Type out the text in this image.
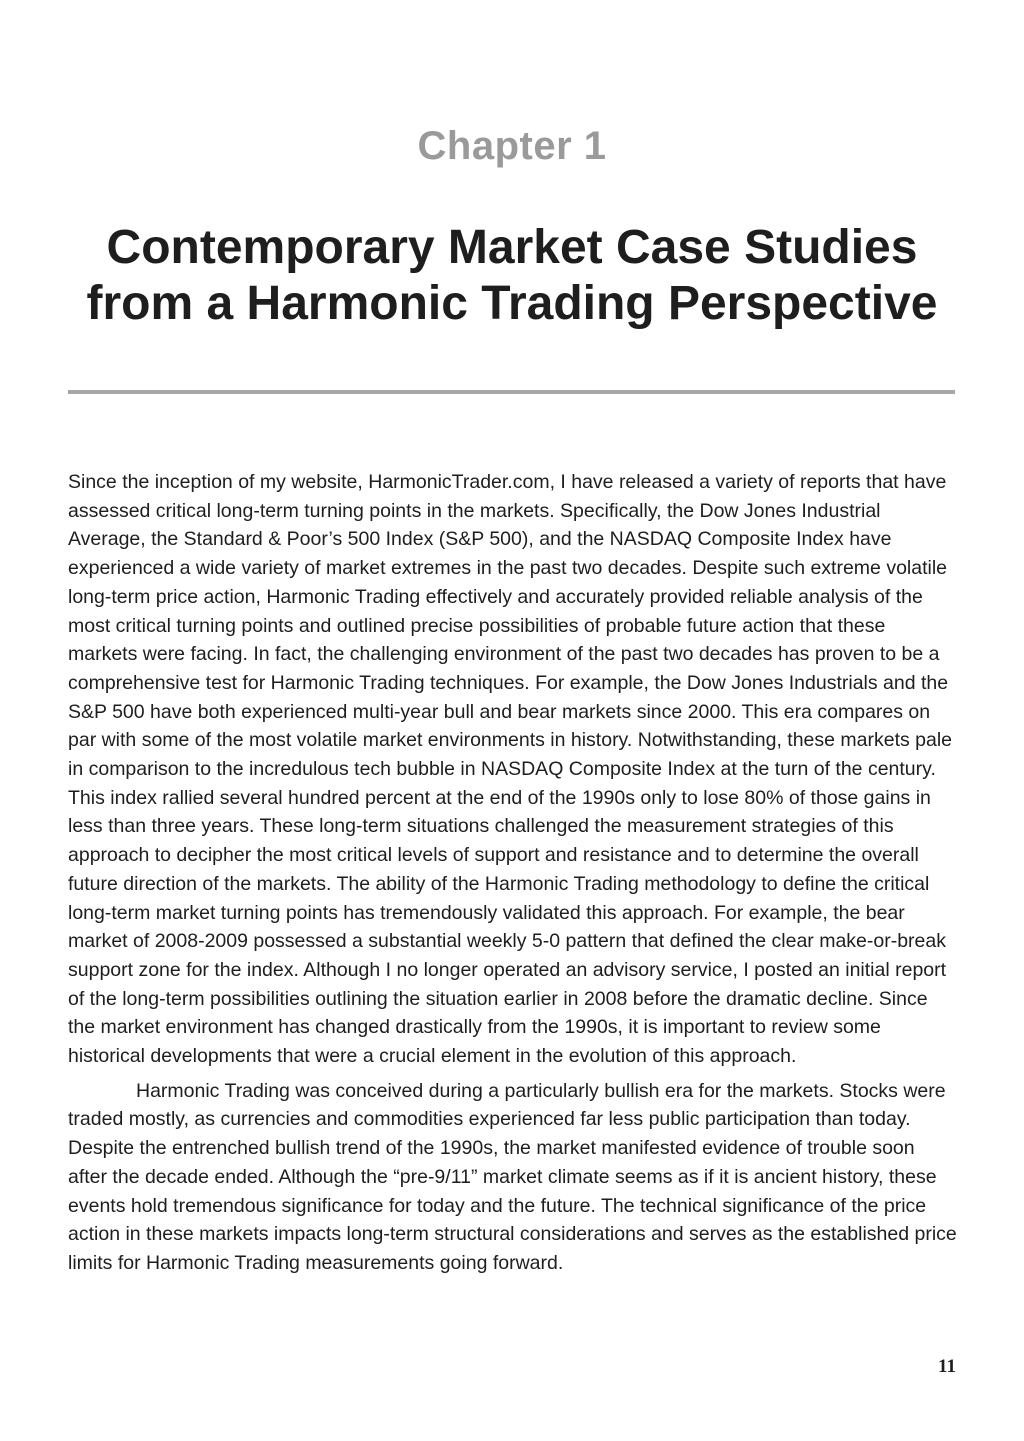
Chapter 1
Contemporary Market Case Studies from a Harmonic Trading Perspective

Since the inception of my website, HarmonicTrader.com, I have released a variety of reports that have assessed critical long-term turning points in the markets. Specifically, the Dow Jones Industrial Average, the Standard & Poor’s 500 Index (S&P 500), and the NASDAQ Composite Index have experienced a wide variety of market extremes in the past two decades. Despite such extreme volatile long-term price action, Harmonic Trading effectively and accurately provided reliable analysis of the most critical turning points and outlined precise possibilities of probable future action that these markets were facing. In fact, the challenging environment of the past two decades has proven to be a comprehensive test for Harmonic Trading techniques. For example, the Dow Jones Industrials and the S&P 500 have both experienced multi-year bull and bear markets since 2000. This era compares on par with some of the most volatile market environments in history. Notwithstanding, these markets pale in comparison to the incredulous tech bubble in NASDAQ Composite Index at the turn of the century. This index rallied several hundred percent at the end of the 1990s only to lose 80% of those gains in less than three years. These long-term situations challenged the measurement strategies of this approach to decipher the most critical levels of support and resistance and to determine the overall future direction of the markets. The ability of the Harmonic Trading methodology to define the critical long-term market turning points has tremendously validated this approach. For example, the bear market of 2008-2009 possessed a substantial weekly 5-0 pattern that defined the clear make-or-break support zone for the index. Although I no longer operated an advisory service, I posted an initial report of the long-term possibilities outlining the situation earlier in 2008 before the dramatic decline. Since the market environment has changed drastically from the 1990s, it is important to review some historical developments that were a crucial element in the evolution of this approach.

Harmonic Trading was conceived during a particularly bullish era for the markets. Stocks were traded mostly, as currencies and commodities experienced far less public participation than today. Despite the entrenched bullish trend of the 1990s, the market manifested evidence of trouble soon after the decade ended. Although the “pre-9/11” market climate seems as if it is ancient history, these events hold tremendous significance for today and the future. The technical significance of the price action in these markets impacts long-term structural considerations and serves as the established price limits for Harmonic Trading measurements going forward.

11
